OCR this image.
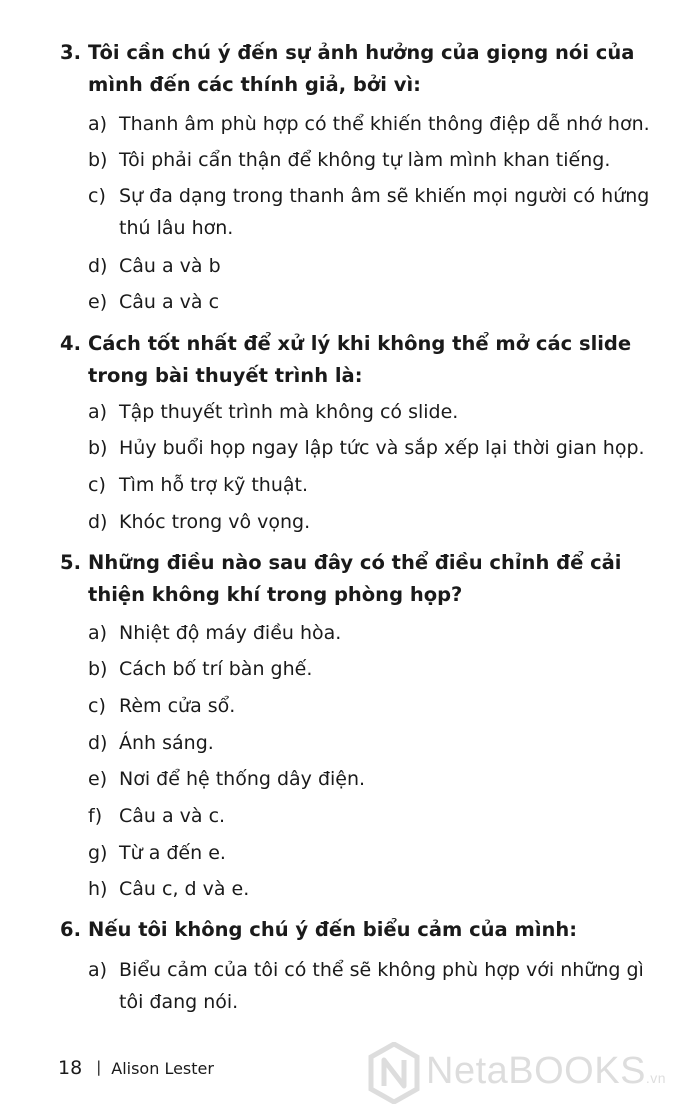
3. Tôi cần chú ý đến sự ảnh hưởng của giọng nói của mình đến các thính giả, bởi vì:
a) Thanh âm phù hợp có thể khiến thông điệp dễ nhớ hơn.
b) Tôi phải cẩn thận để không tự làm mình khan tiếng.
c) Sự đa dạng trong thanh âm sẽ khiến mọi người có hứng thú lâu hơn.
d) Câu a và b
e) Câu a và c
4. Cách tốt nhất để xử lý khi không thể mở các slide trong bài thuyết trình là:
a) Tập thuyết trình mà không có slide.
b) Hủy buổi họp ngay lập tức và sắp xếp lại thời gian họp.
c) Tìm hỗ trợ kỹ thuật.
d) Khóc trong vô vọng.
5. Những điều nào sau đây có thể điều chỉnh để cải thiện không khí trong phòng họp?
a) Nhiệt độ máy điều hòa.
b) Cách bố trí bàn ghế.
c) Rèm cửa sổ.
d) Ánh sáng.
e) Nơi để hệ thống dây điện.
f) Câu a và c.
g) Từ a đến e.
h) Câu c, d và e.
6. Nếu tôi không chú ý đến biểu cảm của mình:
a) Biểu cảm của tôi có thể sẽ không phù hợp với những gì tôi đang nói.
18 | Alison Lester	NetaBOOKS.vn
